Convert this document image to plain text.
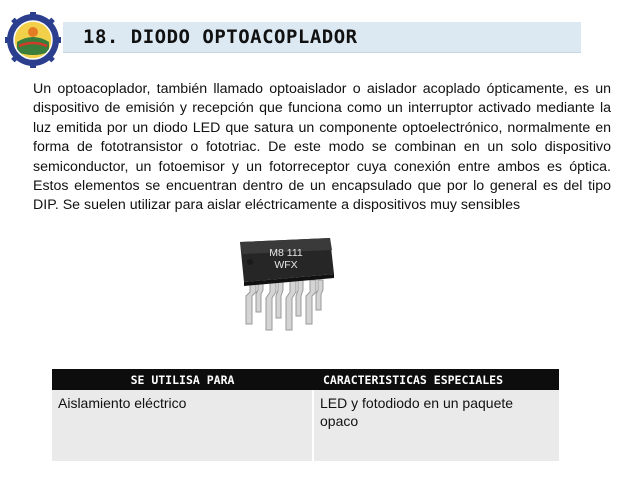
18. DIODO OPTOACOPLADOR

Un optoacoplador, también llamado optoaislador o aislador acoplado ópticamente, es un dispositivo de emisión y recepción que funciona como un interruptor activado mediante la luz emitida por un diodo LED que satura un componente optoelectrónico, normalmente en forma de fototransistor o fototriac. De este modo se combinan en un solo dispositivo semiconductor, un fotoemisor y un fotorreceptor cuya conexión entre ambos es óptica. Estos elementos se encuentran dentro de un encapsulado que por lo general es del tipo DIP. Se suelen utilizar para aislar eléctricamente a dispositivos muy sensibles

M8 111
WFX
SE UTILISA PARA	CARACTERISTICAS ESPECIALES
Aislamiento eléctrico	LED y fotodiodo en un paquete opaco
